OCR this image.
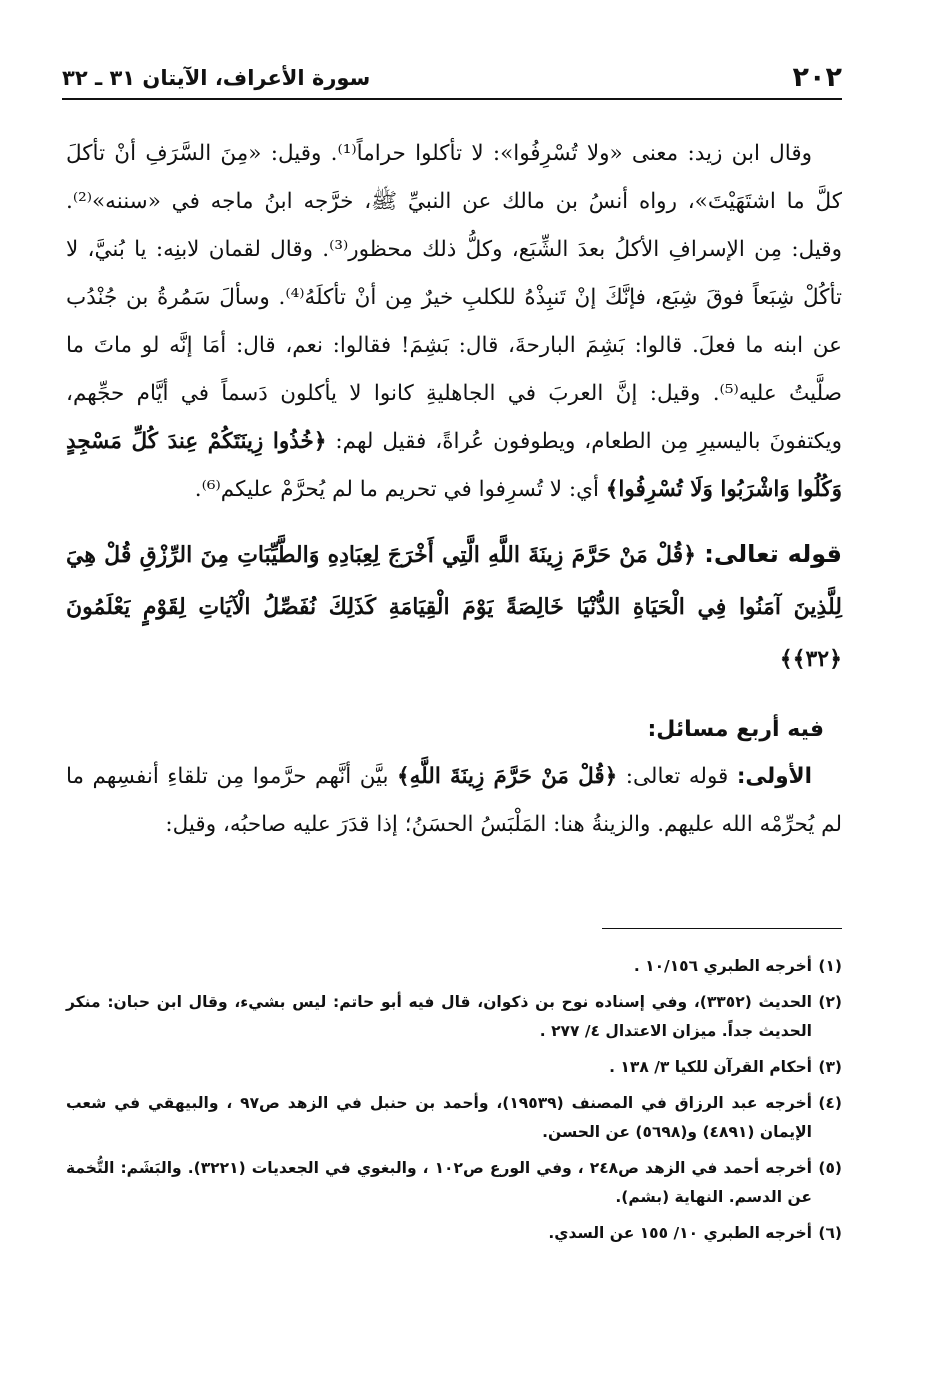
٢٠٢
سورة الأعراف، الآيتان ٣١ ـ ٣٢

وقال ابن زيد: معنى «ولا تُسْرِفُوا»: لا تأكلوا حراماً⁽¹⁾. وقيل: «مِنَ السَّرَفِ أنْ تأكلَ كلَّ ما اشتَهَيْتَ»، رواه أنسُ بن مالك عن النبيِّ ﷺ، خرَّجه ابنُ ماجه في «سننه»⁽²⁾. وقيل: مِن الإسرافِ الأكلُ بعدَ الشِّبَع، وكلُّ ذلك محظور⁽³⁾. وقال لقمان لابنِه: يا بُنيَّ، لا تأكُلْ شِبَعاً فوقَ شِبَع، فإنَّكَ إنْ تَنبِذْهُ للكلبِ خيرٌ مِن أنْ تأكلَهُ⁽⁴⁾. وسألَ سَمُرةُ بن جُنْدُب عن ابنه ما فعلَ. قالوا: بَشِمَ البارحةَ، قال: بَشِمَ! فقالوا: نعم، قال: أمَا إنَّه لو ماتَ ما صلَّيتُ عليه⁽⁵⁾. وقيل: إنَّ العربَ في الجاهليةِ كانوا لا يأكلون دَسماً في أيَّام حجِّهم، ويكتفونَ باليسيرِ مِن الطعام، ويطوفون عُراةً، فقيل لهم: ﴿خُذُوا زِينَتَكُمْ عِندَ كُلِّ مَسْجِدٍ وَكُلُوا وَاشْرَبُوا وَلَا تُسْرِفُوا﴾ أي: لا تُسرِفوا في تحريم ما لم يُحرَّمْ عليكم⁽⁶⁾.

قوله تعالى: ﴿قُلْ مَنْ حَرَّمَ زِينَةَ اللَّهِ الَّتِي أَخْرَجَ لِعِبَادِهِ وَالطَّيِّبَاتِ مِنَ الرِّزْقِ قُلْ هِيَ لِلَّذِينَ آمَنُوا فِي الْحَيَاةِ الدُّنْيَا خَالِصَةً يَوْمَ الْقِيَامَةِ كَذَلِكَ نُفَصِّلُ الْآيَاتِ لِقَوْمٍ يَعْلَمُونَ ﴿٣٢﴾﴾

فيه أربع مسائل:

الأولى: قوله تعالى: ﴿قُلْ مَنْ حَرَّمَ زِينَةَ اللَّهِ﴾ بيَّن أنَّهم حرَّموا مِن تلقاءِ أنفسِهم ما لم يُحرِّمْه الله عليهم. والزينةُ هنا: المَلْبَسُ الحسَنُ؛ إذا قدَرَ عليه صاحبُه، وقيل:

(١)أخرجه الطبري ١٠/١٥٦ .

(٢)الحديث (٣٣٥٢)، وفي إسناده نوح بن ذكوان، قال فيه أبو حاتم: ليس بشيء، وقال ابن حبان: منكر الحديث جداً. ميزان الاعتدال ٤/ ٢٧٧ .

(٣)أحكام القرآن للكيا ٣/ ١٣٨ .

(٤)أخرجه عبد الرزاق في المصنف (١٩٥٣٩)، وأحمد بن حنبل في الزهد ص٩٧ ، والبيهقي في شعب الإيمان (٤٨٩١) و(٥٦٩٨) عن الحسن.

(٥)أخرجه أحمد في الزهد ص٢٤٨ ، وفي الورع ص١٠٢ ، والبغوي في الجعديات (٣٢٢١). والبَشَم: التُّخمة عن الدسم. النهاية (بشم).

(٦)أخرجه الطبري ١٠/ ١٥٥ عن السدي.
